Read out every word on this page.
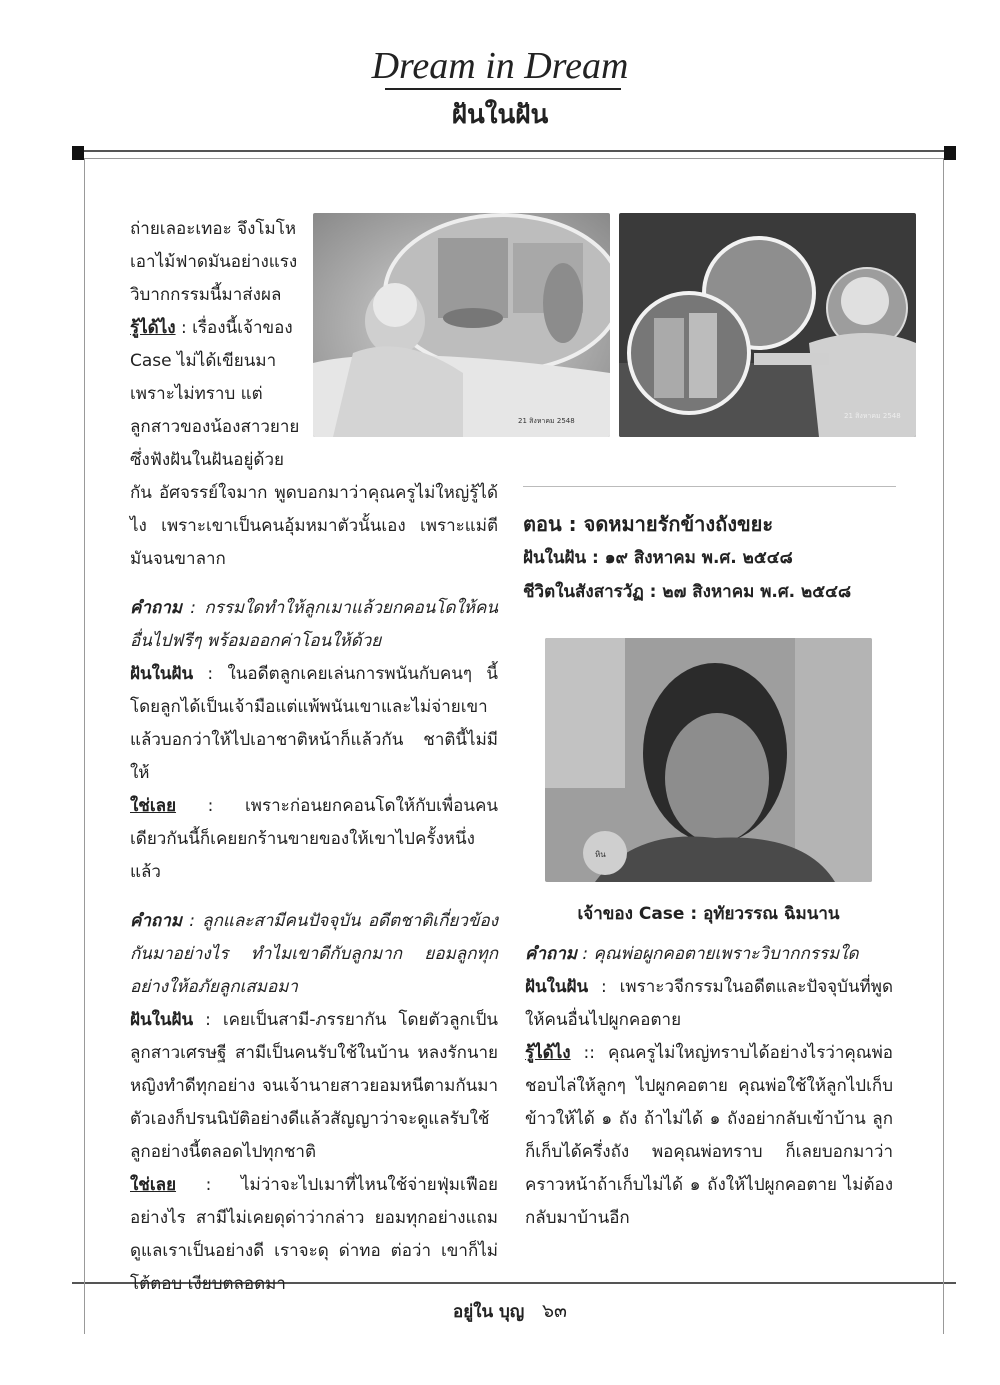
Dream in Dream
ฝันในฝัน
21 สิงหาคม 2548
21 สิงหาคม 2548

ถ่ายเลอะเทอะ จึงโมโห

เอาไม้ฟาดมันอย่างแรง

วิบากกรรมนี้มาส่งผล

รู้ได้ไง : เรื่องนี้เจ้าของ

Case ไม่ได้เขียนมา

เพราะไม่ทราบ แต่

ลูกสาวของน้องสาวยาย

ซึ่งฟังฝันในฝันอยู่ด้วย

กัน อัศจรรย์ใจมาก พูดบอกมาว่าคุณครูไม่ใหญ่รู้ได้ไง เพราะเขาเป็นคนอุ้มหมาตัวนั้นเอง เพราะแม่ตีมันจนขาลาก

คำถาม : กรรมใดทำให้ลูกเมาแล้วยกคอนโดให้คนอื่นไปฟรีๆ พร้อมออกค่าโอนให้ด้วย

ฝันในฝัน : ในอดีตลูกเคยเล่นการพนันกับคนๆ นี้ โดยลูกได้เป็นเจ้ามือแต่แพ้พนันเขาและไม่จ่ายเขา แล้วบอกว่าให้ไปเอาชาติหน้าก็แล้วกัน ชาตินี้ไม่มีให้

ใช่เลย : เพราะก่อนยกคอนโดให้กับเพื่อนคนเดียวกันนี้ก็เคยยกร้านขายของให้เขาไปครั้งหนึ่งแล้ว

คำถาม : ลูกและสามีคนปัจจุบัน อดีตชาติเกี่ยวข้องกันมาอย่างไร ทำไมเขาดีกับลูกมาก ยอมลูกทุกอย่างให้อภัยลูกเสมอมา

ฝันในฝัน : เคยเป็นสามี-ภรรยากัน โดยตัวลูกเป็นลูกสาวเศรษฐี สามีเป็นคนรับใช้ในบ้าน หลงรักนายหญิงทำดีทุกอย่าง จนเจ้านายสาวยอมหนีตามกันมา ตัวเองก็ปรนนิบัติอย่างดีแล้วสัญญาว่าจะดูแลรับใช้ลูกอย่างนี้ตลอดไปทุกชาติ

ใช่เลย : ไม่ว่าจะไปเมาที่ไหนใช้จ่ายฟุ่มเฟือยอย่างไร สามีไม่เคยดุด่าว่ากล่าว ยอมทุกอย่างแถมดูแลเราเป็นอย่างดี เราจะดุ ด่าทอ ต่อว่า เขาก็ไม่โต้ตอบ เงียบตลอดมา

ตอน : จดหมายรักข้างถังขยะ
ฝันในฝัน : ๑๙ สิงหาคม พ.ศ. ๒๕๔๘
ชีวิตในสังสารวัฏ : ๒๗ สิงหาคม พ.ศ. ๒๕๔๘
หิน
เจ้าของ Case : อุทัยวรรณ ฉิมนาน

คำถาม : คุณพ่อผูกคอตายเพราะวิบากกรรมใด

ฝันในฝัน : เพราะวจีกรรมในอดีตและปัจจุบันที่พูดให้คนอื่นไปผูกคอตาย

รู้ได้ไง :: คุณครูไม่ใหญ่ทราบได้อย่างไรว่าคุณพ่อชอบไล่ให้ลูกๆ ไปผูกคอตาย คุณพ่อใช้ให้ลูกไปเก็บข้าวให้ได้ ๑ ถัง ถ้าไม่ได้ ๑ ถังอย่ากลับเข้าบ้าน ลูกก็เก็บได้ครึ่งถัง พอคุณพ่อทราบ ก็เลยบอกมาว่าคราวหน้าถ้าเก็บไม่ได้ ๑ ถังให้ไปผูกคอตาย ไม่ต้องกลับมาบ้านอีก

อยู่ใน บุญ ๖๓
